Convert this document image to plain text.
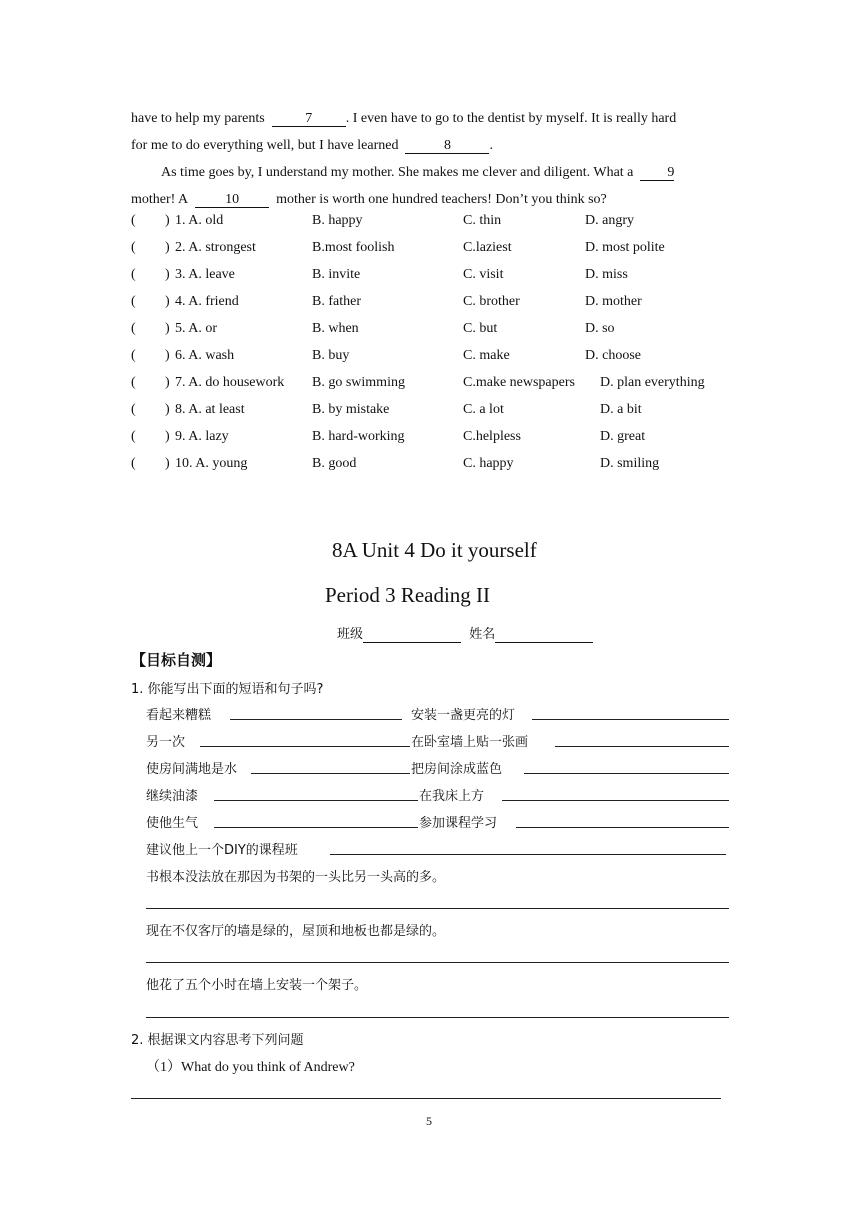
have to help my parents	7 . I even have to go to the dentist by myself. It is really hard
for me to do everything well, but I have learned	8	.
As time goes by, I understand my mother. She makes me clever and diligent. What a 9
mother! A	10	mother is worth one hundred teachers! Don’t you think so?
( ) 1. A. old	B. happy	C. thin	D. angry
( ) 2. A. strongest	B.most foolish	C.laziest	D. most polite
( ) 3. A. leave	B. invite	C. visit	D. miss
( ) 4. A. friend	B. father	C. brother	D. mother
( ) 5. A. or	B. when	C. but	D. so
( ) 6. A. wash	B. buy	C. make	D. choose
( ) 7. A. do housework B. go swimming	C.make newspapers D. plan everything
( ) 8. A. at least	B. by mistake	C. a lot	D. a bit
( ) 9. A. lazy	B. hard-working	C.helpless	D. great
( ) 10. A. young	B. good	C. happy	D. smiling
8A Unit 4 Do it yourself
Period 3 Reading II
班级	姓名
【目标自测】
1. 你能写出下面的短语和句子吗?
看起来糟糕	安装一盏更亮的灯
另一次	在卧室墙上贴一张画
使房间满地是水	把房间涂成蓝色
继续油漆	在我床上方
使他生气	参加课程学习
建议他上一个DIY的课程班
书根本没法放在那因为书架的一头比另一头高的多。
现在不仅客厅的墙是绿的，屋顶和地板也都是绿的。
他花了五个小时在墙上安装一个架子。
2. 根据课文内容思考下列问题
（1）What do you think of Andrew?
5
